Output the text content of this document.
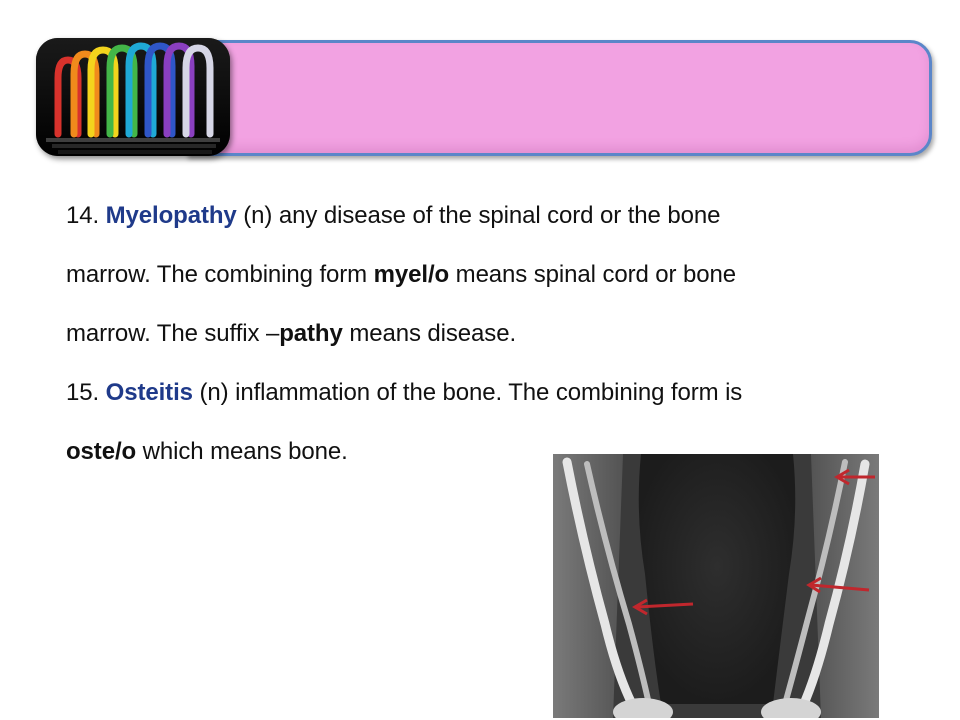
14. Myelopathy (n) any disease of the spinal cord or the bone

marrow. The combining form myel/o means spinal cord or bone

marrow. The suffix –pathy means disease.

15. Osteitis (n) inflammation of the bone. The combining form is

oste/o which means bone.
